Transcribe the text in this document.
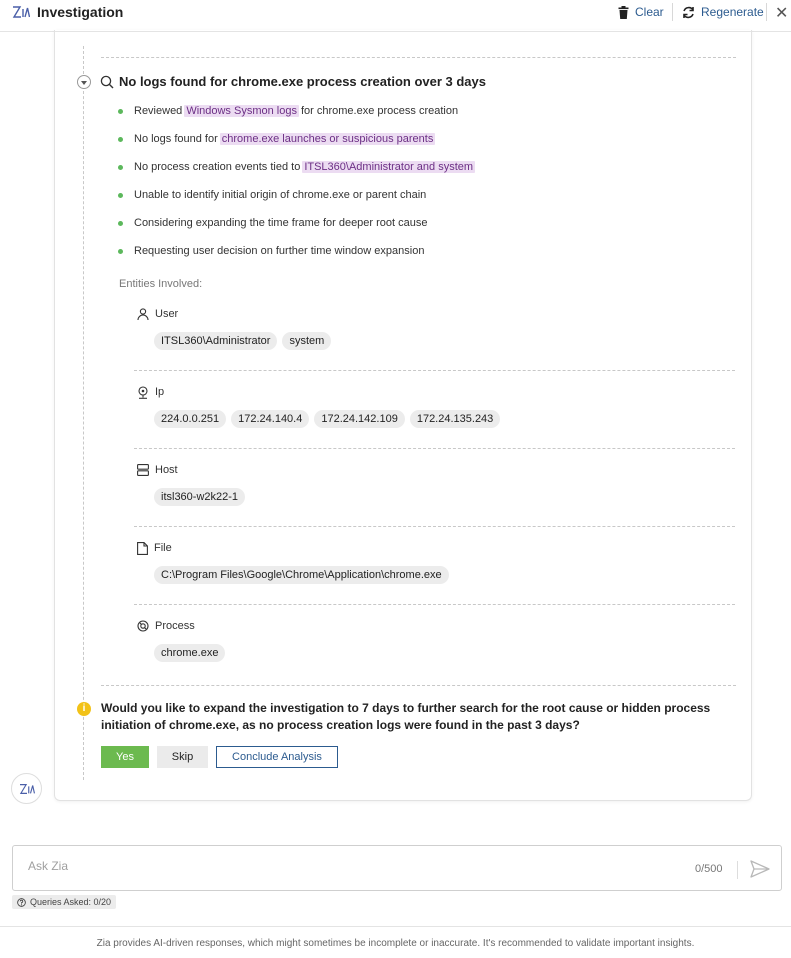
Investigation	Clear	Regenerate ✕
No logs found for chrome.exe process creation over 3 days
Reviewed Windows Sysmon logs for chrome.exe process creation
No logs found for chrome.exe launches or suspicious parents
No process creation events tied to ITSL360\Administrator and system
Unable to identify initial origin of chrome.exe or parent chain
Considering expanding the time frame for deeper root cause
Requesting user decision on further time window expansion
Entities Involved:
User
ITSL360\Administrator	system
Ip
224.0.0.251	172.24.140.4	172.24.142.109	172.24.135.243
Host
itsl360-w2k22-1
File
C:\Program Files\Google\Chrome\Application\chrome.exe
Process
chrome.exe
i	Would you like to expand the investigation to 7 days to further search for the root cause or hidden process initiation of chrome.exe, as no process creation logs were found in the past 3 days?
Yes	Skip	Conclude Analysis
Ask Zia
0/500
Queries Asked: 0/20
Zia provides AI-driven responses, which might sometimes be incomplete or inaccurate. It's recommended to validate important insights.
